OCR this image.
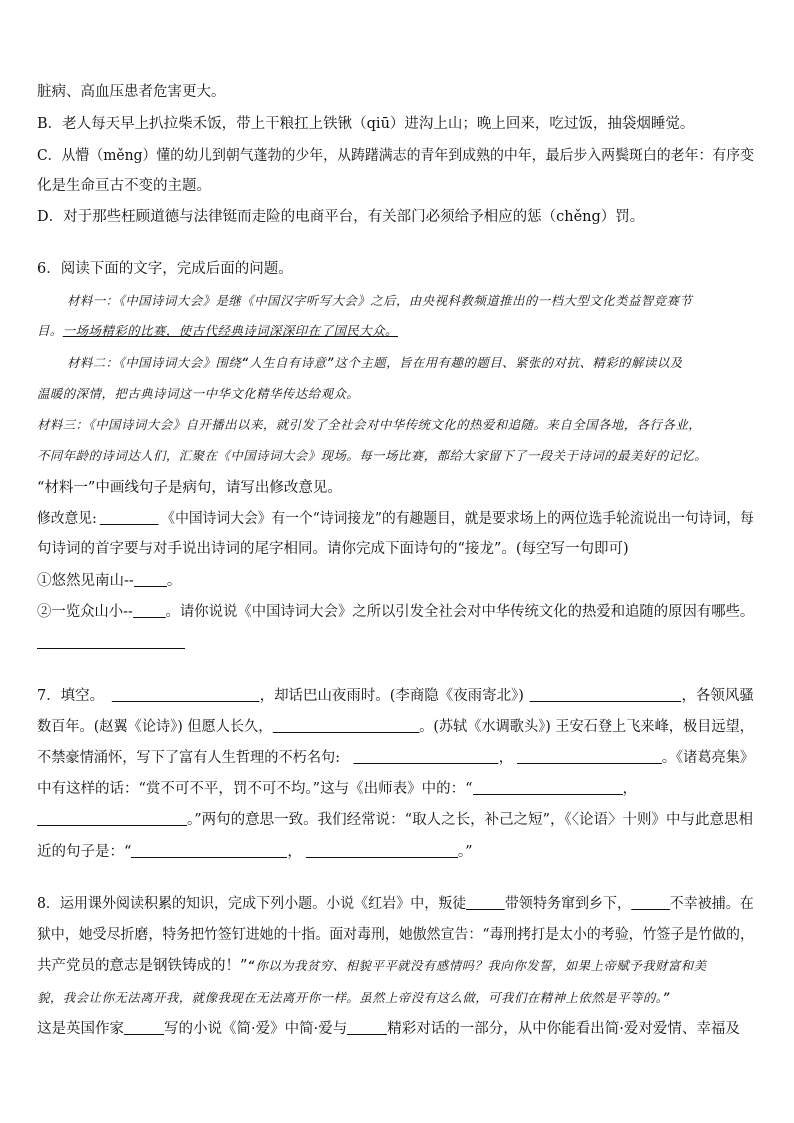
脏病、高血压患者危害更大。
B．老人每天早上扒拉柴禾饭，带上干粮扛上铁锹（qiū）进沟上山；晚上回来，吃过饭，抽袋烟睡觉。
C．从懵（měng）懂的幼儿到朝气蓬勃的少年，从踌躇满志的青年到成熟的中年，最后步入两鬓斑白的老年：有序变
化是生命亘古不变的主题。
D．对于那些枉顾道德与法律铤而走险的电商平台，有关部门必须给予相应的惩（chěng）罚。
6．阅读下面的文字，完成后面的问题。
材料一：《中国诗词大会》是继《中国汉字听写大会》之后，由央视科教频道推出的一档大型文化类益智竞赛节
目。一场场精彩的比赛，使古代经典诗词深深印在了国民大众。
材料二：《中国诗词大会》围绕“人生自有诗意”这个主题，旨在用有趣的题目、紧张的对抗、精彩的解读以及
温暖的深情，把古典诗词这一中华文化精华传达给观众。
材料三：《中国诗词大会》自开播出以来，就引发了全社会对中华传统文化的热爱和追随。来自全国各地，各行各业，
不同年龄的诗词达人们，汇聚在《中国诗词大会》现场。每一场比赛，都给大家留下了一段关于诗词的最美好的记忆。
“材料一”中画线句子是病句，请写出修改意见。
修改意见:	《中国诗词大会》有一个“诗词接龙”的有趣题目，就是要求场上的两位选手轮流说出一句诗词，每
句诗词的首字要与对手说出诗词的尾字相同。请你完成下面诗句的“接龙”。(每空写一句即可)
①悠然见南山-- 。
②一览众山小-- 。请你说说《中国诗词大会》之所以引发全社会对中华传统文化的热爱和追随的原因有哪些。
7．填空。	，却话巴山夜雨时。(李商隐《夜雨寄北》)	，各领风骚
数百年。(赵翼《论诗》) 但愿人长久，	。(苏轼《水调歌头》) 王安石登上飞来峰，极目远望，
不禁豪情涌怀，写下了富有人生哲理的不朽名句:	，	。《诸葛亮集》
中有这样的话：“赏不可不平，罚不可不均。”这与《出师表》中的：“	，
。”两句的意思一致。我们经常说：“取人之长，补己之短”，《〈论语〉十则》中与此意思相
近的句子是：“	，	。”
8．运用课外阅读积累的知识，完成下列小题。小说《红岩》中，叛徒	带领特务窜到乡下，	不幸被捕。在
狱中，她受尽折磨，特务把竹签钉进她的十指。面对毒刑，她傲然宣告：“毒刑拷打是太小的考验，竹签子是竹做的，
共产党员的意志是钢铁铸成的！”“你以为我贫穷、相貌平平就没有感情吗？我向你发誓，如果上帝赋予我财富和美
貌，我会让你无法离开我，就像我现在无法离开你一样。虽然上帝没有这么做，可我们在精神上依然是平等的。”
这是英国作家	写的小说《简·爱》中简·爱与	精彩对话的一部分，从中你能看出简·爱对爱情、幸福及
